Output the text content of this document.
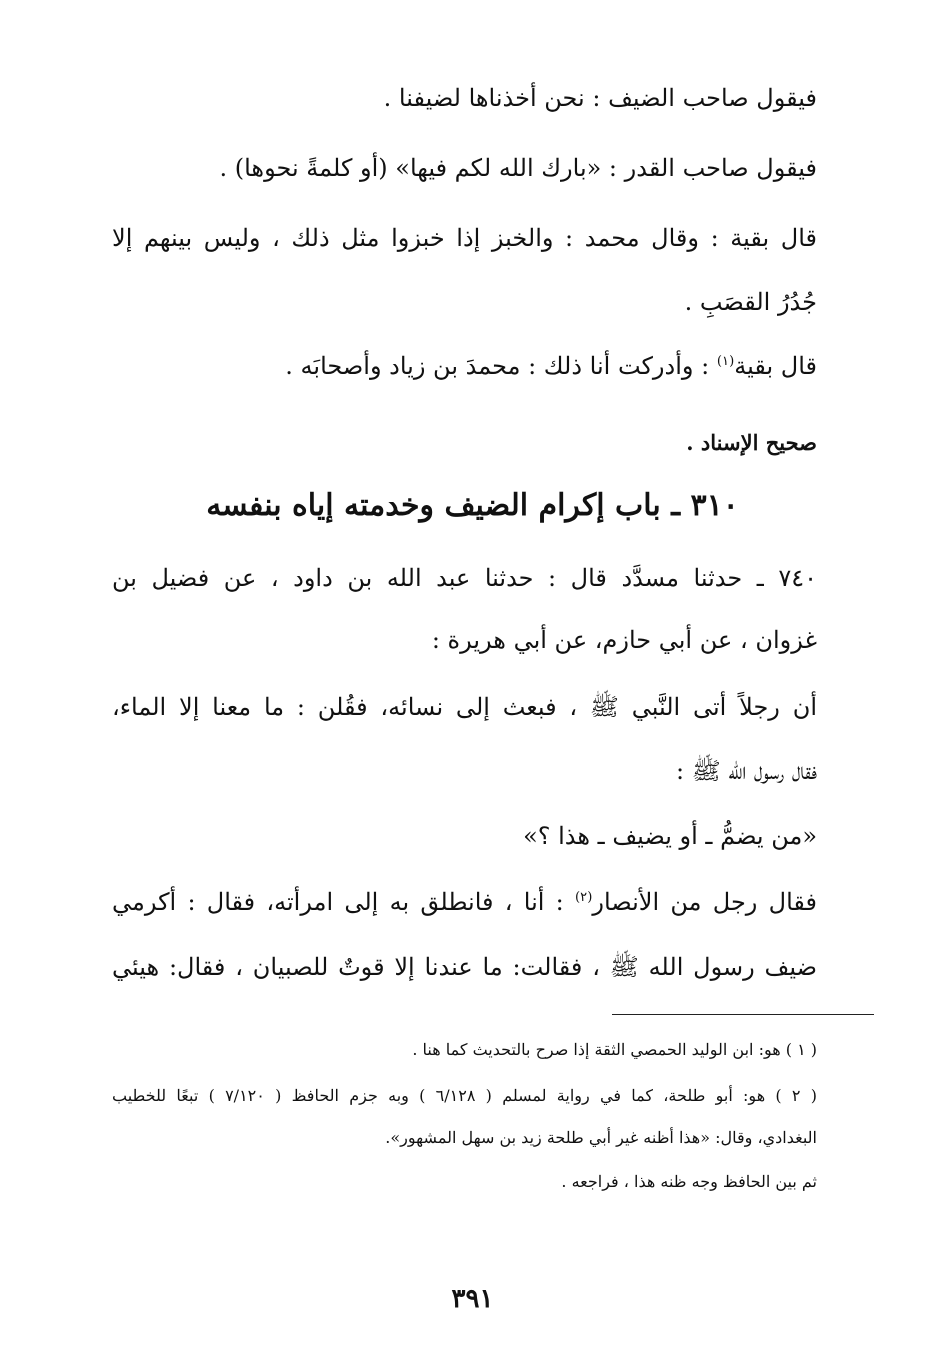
فيقول صاحب الضيف : نحن أخذناها لضيفنا .
فيقول صاحب القدر : «بارك الله لكم فيها» (أو كلمةً نحوها) .
قال بقية : وقال محمد : والخبز إذا خبزوا مثل ذلك ، وليس بينهم إلا
جُدُرُ القصَبِ .
قال بقية$^{(١)}$ : وأدركت أنا ذلك : محمدَ بن زياد وأصحابَه .
صحيح الإسناد .
٣١٠ ـ باب إكرام الضيف وخدمته إياه بنفسه
٧٤٠ ـ حدثنا مسدَّد قال : حدثنا عبد الله بن داود ، عن فضيل بن
غزوان ، عن أبي حازم، عن أبي هريرة :
أن رجلاً أتى النَّبي ﷺ ، فبعث إلى نسائه، فقُلن : ما معنا إلا الماء،
فقال رسول الله ﷺ :
«من يضمُّ ـ أو يضيف ـ هذا ؟»
فقال رجل من الأنصار$^{(٢)}$ : أنا ، فانطلق به إلى امرأته، فقال : أكرمي
ضيف رسول الله ﷺ ، فقالت: ما عندنا إلا قوتٌ للصبيان ، فقال: هيئي
( ١ ) هو: ابن الوليد الحمصي الثقة إذا صرح بالتحديث كما هنا .
( ٢ ) هو: أبو طلحة، كما في رواية لمسلم ( ٦/١٢٨ ) وبه جزم الحافظ ( ٧/١٢٠ ) تبعًا للخطيب
البغدادي، وقال: «هذا أظنه غير أبي طلحة زيد بن سهل المشهور».
ثم بين الحافظ وجه ظنه هذا ، فراجعه .
٣٩١
